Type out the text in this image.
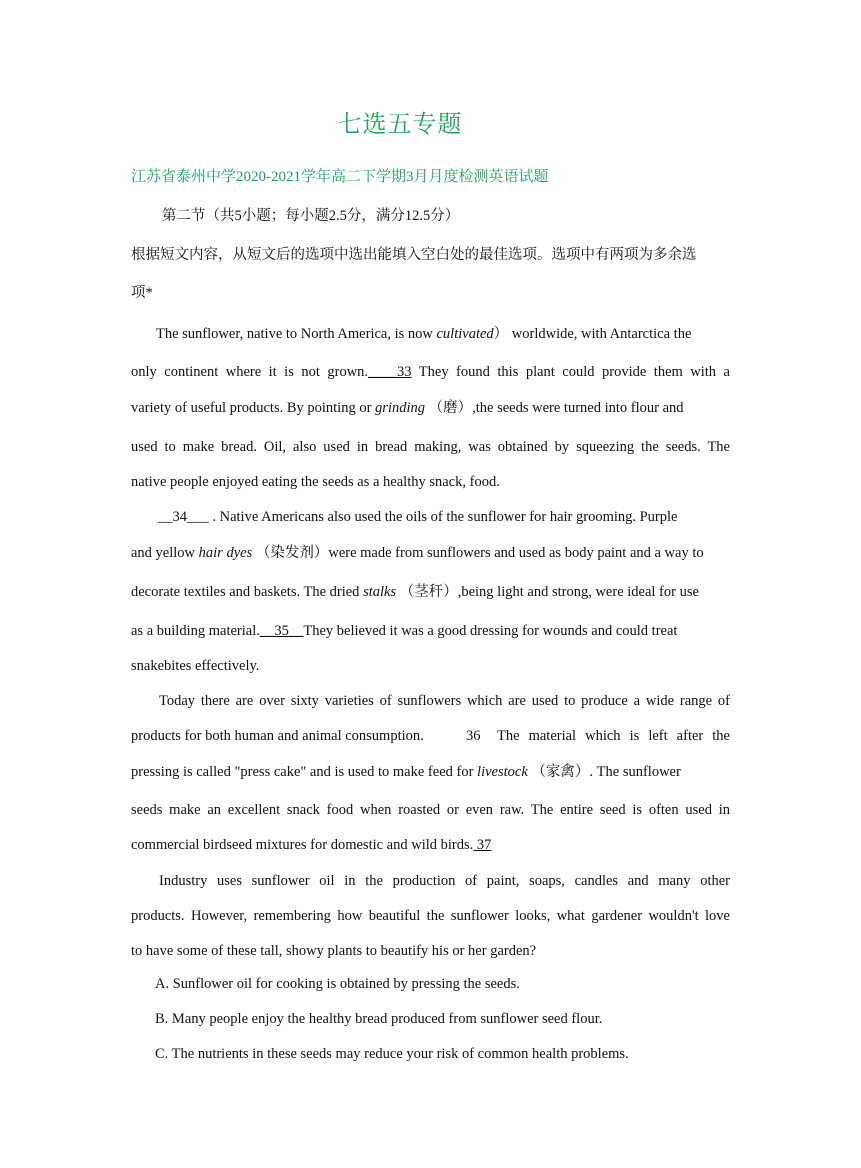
七选五专题
江苏省泰州中学2020-2021学年高二下学期3月月度检测英语试题
第二节（共5小题；每小题2.5分，满分12.5分）
根据短文内容，从短文后的选项中选出能填入空白处的最佳选项。选项中有两项为多余选
项*
The sunflower, native to North America, is now cultivated） worldwide, with Antarctica the
only continent where it is not grown.____33 They found this plant could provide them with a
variety of useful products. By pointing or grinding （磨）,the seeds were turned into flour and
used to make bread. Oil, also used in bread making, was obtained by squeezing the seeds. The
native people enjoyed eating the seeds as a healthy snack, food.
__34___ . Native Americans also used the oils of the sunflower for hair grooming. Purple
and yellow hair dyes （染发剂）were made from sunflowers and used as body paint and a way to
decorate textiles and baskets. The dried stalks （茎秆）,being light and strong, were ideal for use
as a building material.__35__They believed it was a good dressing for wounds and could treat
snakebites effectively.
Today there are over sixty varieties of sunflowers which are used to produce a wide range of
products for both human and animal consumption.	36 The material which is left after the
pressing is called "press cake" and is used to make feed for livestock （家禽）. The sunflower
seeds make an excellent snack food when roasted or even raw. The entire seed is often used in
commercial birdseed mixtures for domestic and wild birds. 37
Industry uses sunflower oil in the production of paint, soaps, candles and many other
products. However, remembering how beautiful the sunflower looks, what gardener wouldn't love
to have some of these tall, showy plants to beautify his or her garden?
A. Sunflower oil for cooking is obtained by pressing the seeds.
B. Many people enjoy the healthy bread produced from sunflower seed flour.
C. The nutrients in these seeds may reduce your risk of common health problems.
